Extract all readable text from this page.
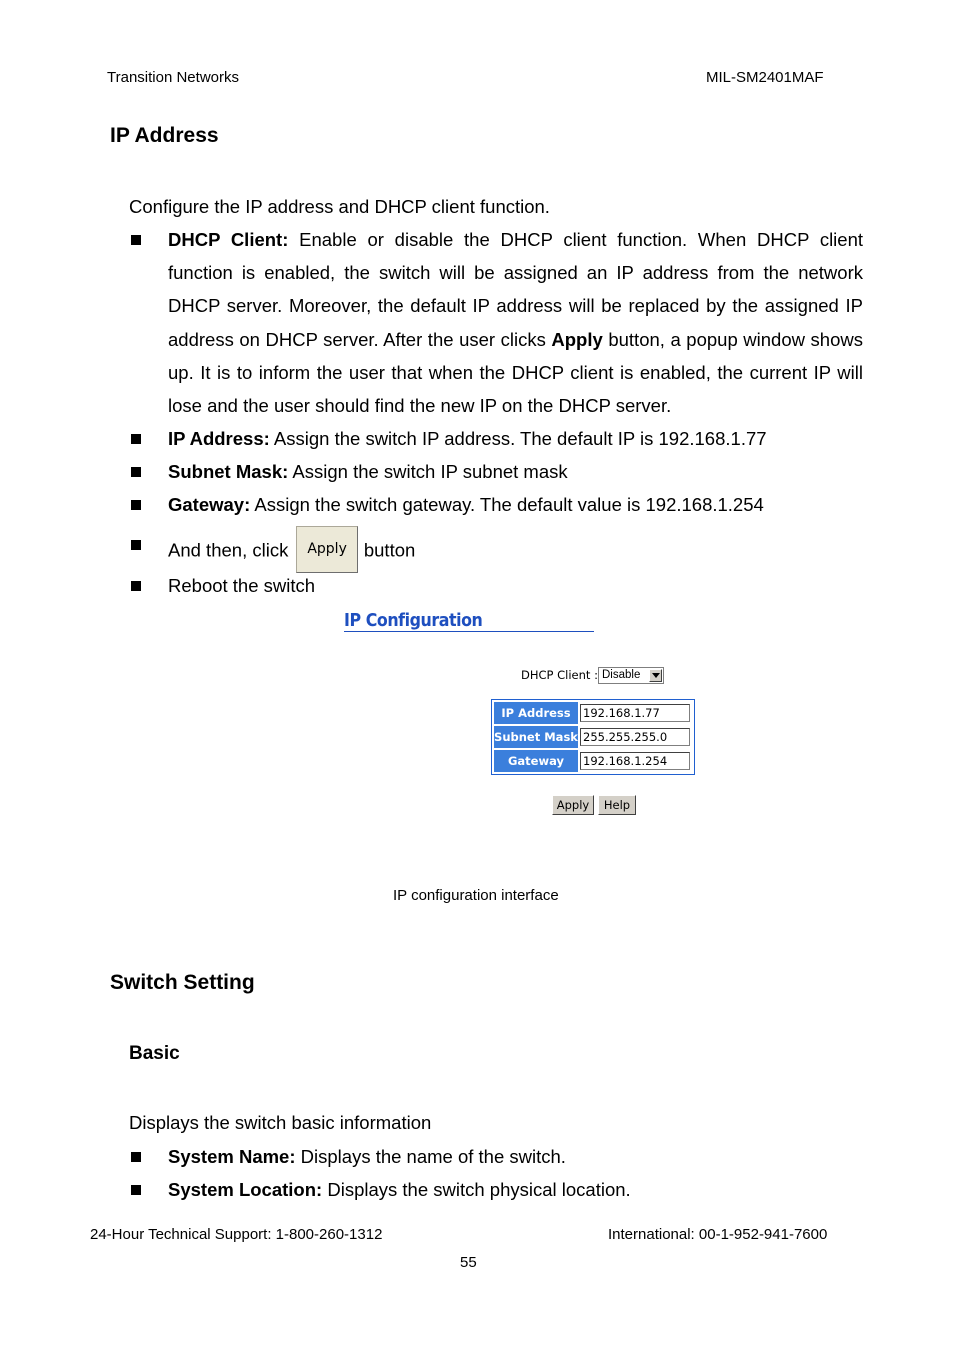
Transition Networks	MIL-SM2401MAF
IP Address
Configure the IP address and DHCP client function.
DHCP Client: Enable or disable the DHCP client function. When DHCP client function is enabled, the switch will be assigned an IP address from the network DHCP server. Moreover, the default IP address will be replaced by the assigned IP address on DHCP server. After the user clicks Apply button, a popup window shows up. It is to inform the user that when the DHCP client is enabled, the current IP will lose and the user should find the new IP on the DHCP server.
IP Address: Assign the switch IP address. The default IP is 192.168.1.77
Subnet Mask: Assign the switch IP subnet mask
Gateway: Assign the switch gateway. The default value is 192.168.1.254
And then, click Apply button
Reboot the switch
IP Configuration
DHCP Client : Disable
IP Address	192.168.1.77

Subnet Mask	255.255.255.0

Gateway	192.168.1.254
Apply	Help
IP configuration interface
Switch Setting
Basic
Displays the switch basic information
System Name: Displays the name of the switch.
System Location: Displays the switch physical location.
24-Hour Technical Support: 1-800-260-1312	International: 00-1-952-941-7600
55
